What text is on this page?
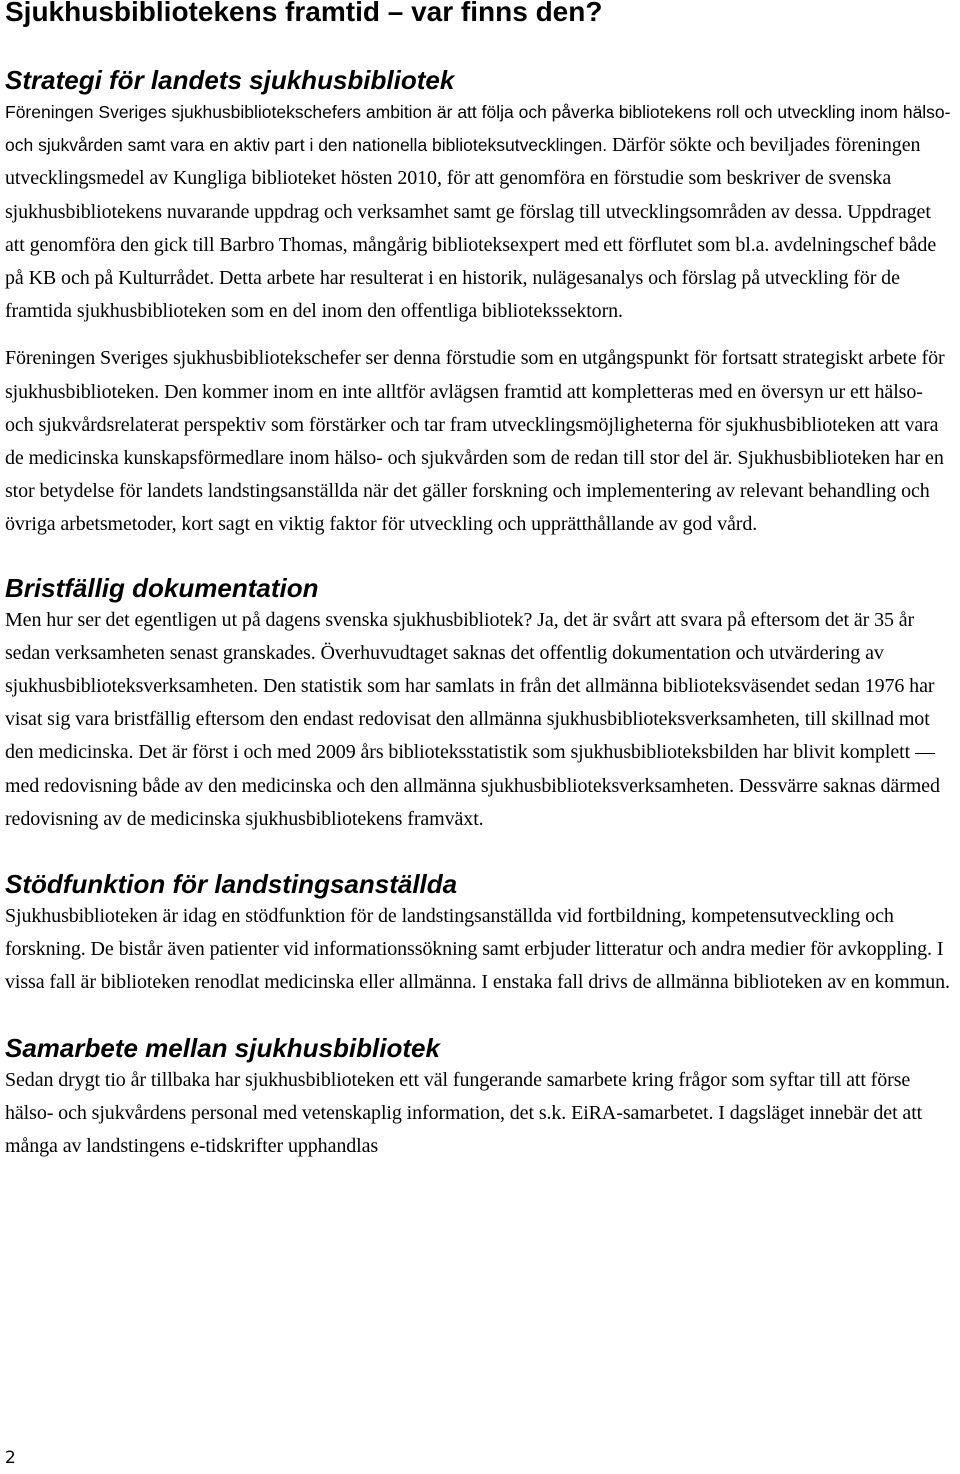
Sjukhusbibliotekens framtid – var finns den?
Strategi för landets sjukhusbibliotek

Föreningen Sveriges sjukhusbibliotekschefers ambition är att följa och påverka bibliotekens roll och utveckling inom hälso- och sjukvården samt vara en aktiv part i den nationella biblioteksutvecklingen. Därför sökte och beviljades föreningen utvecklingsmedel av Kungliga biblioteket hösten 2010, för att genomföra en förstudie som beskriver de svenska sjukhusbibliotekens nuvarande uppdrag och verksamhet samt ge förslag till utvecklingsområden av dessa. Uppdraget att genomföra den gick till Barbro Thomas, mångårig biblioteksexpert med ett förflutet som bl.a. avdelningschef både på KB och på Kulturrådet. Detta arbete har resulterat i en historik, nulägesanalys och förslag på utveckling för de framtida sjukhusbiblioteken som en del inom den offentliga bibliotekssektorn.

Föreningen Sveriges sjukhusbibliotekschefer ser denna förstudie som en utgångspunkt för fortsatt strategiskt arbete för sjukhusbiblioteken. Den kommer inom en inte alltför avlägsen framtid att kompletteras med en översyn ur ett hälso- och sjukvårdsrelaterat perspektiv som förstärker och tar fram utvecklingsmöjligheterna för sjukhusbiblioteken att vara de medicinska kunskapsförmedlare inom hälso- och sjukvården som de redan till stor del är. Sjukhusbiblioteken har en stor betydelse för landets landstingsanställda när det gäller forskning och implementering av relevant behandling och övriga arbetsmetoder, kort sagt en viktig faktor för utveckling och upprätthållande av god vård.

Bristfällig dokumentation

Men hur ser det egentligen ut på dagens svenska sjukhusbibliotek? Ja, det är svårt att svara på eftersom det är 35 år sedan verksamheten senast granskades. Överhuvudtaget saknas det offentlig dokumentation och utvärdering av sjukhusbiblioteksverksamheten. Den statistik som har samlats in från det allmänna biblioteksväsendet sedan 1976 har visat sig vara bristfällig eftersom den endast redovisat den allmänna sjukhusbiblioteksverksamheten, till skillnad mot den medicinska. Det är först i och med 2009 års biblioteksstatistik som sjukhusbiblioteksbilden har blivit komplett — med redovisning både av den medicinska och den allmänna sjukhusbiblioteksverksamheten. Dessvärre saknas därmed redovisning av de medicinska sjukhusbibliotekens framväxt.

Stödfunktion för landstingsanställda

Sjukhusbiblioteken är idag en stödfunktion för de landstingsanställda vid fortbildning, kompetensutveckling och forskning. De bistår även patienter vid informationssökning samt erbjuder litteratur och andra medier för avkoppling. I vissa fall är biblioteken renodlat medicinska eller allmänna. I enstaka fall drivs de allmänna biblioteken av en kommun.

Samarbete mellan sjukhusbibliotek

Sedan drygt tio år tillbaka har sjukhusbiblioteken ett väl fungerande samarbete kring frågor som syftar till att förse hälso- och sjukvårdens personal med vetenskaplig information, det s.k. EiRA-samarbetet. I dagsläget innebär det att många av landstingens e-tidskrifter upphandlas

2
